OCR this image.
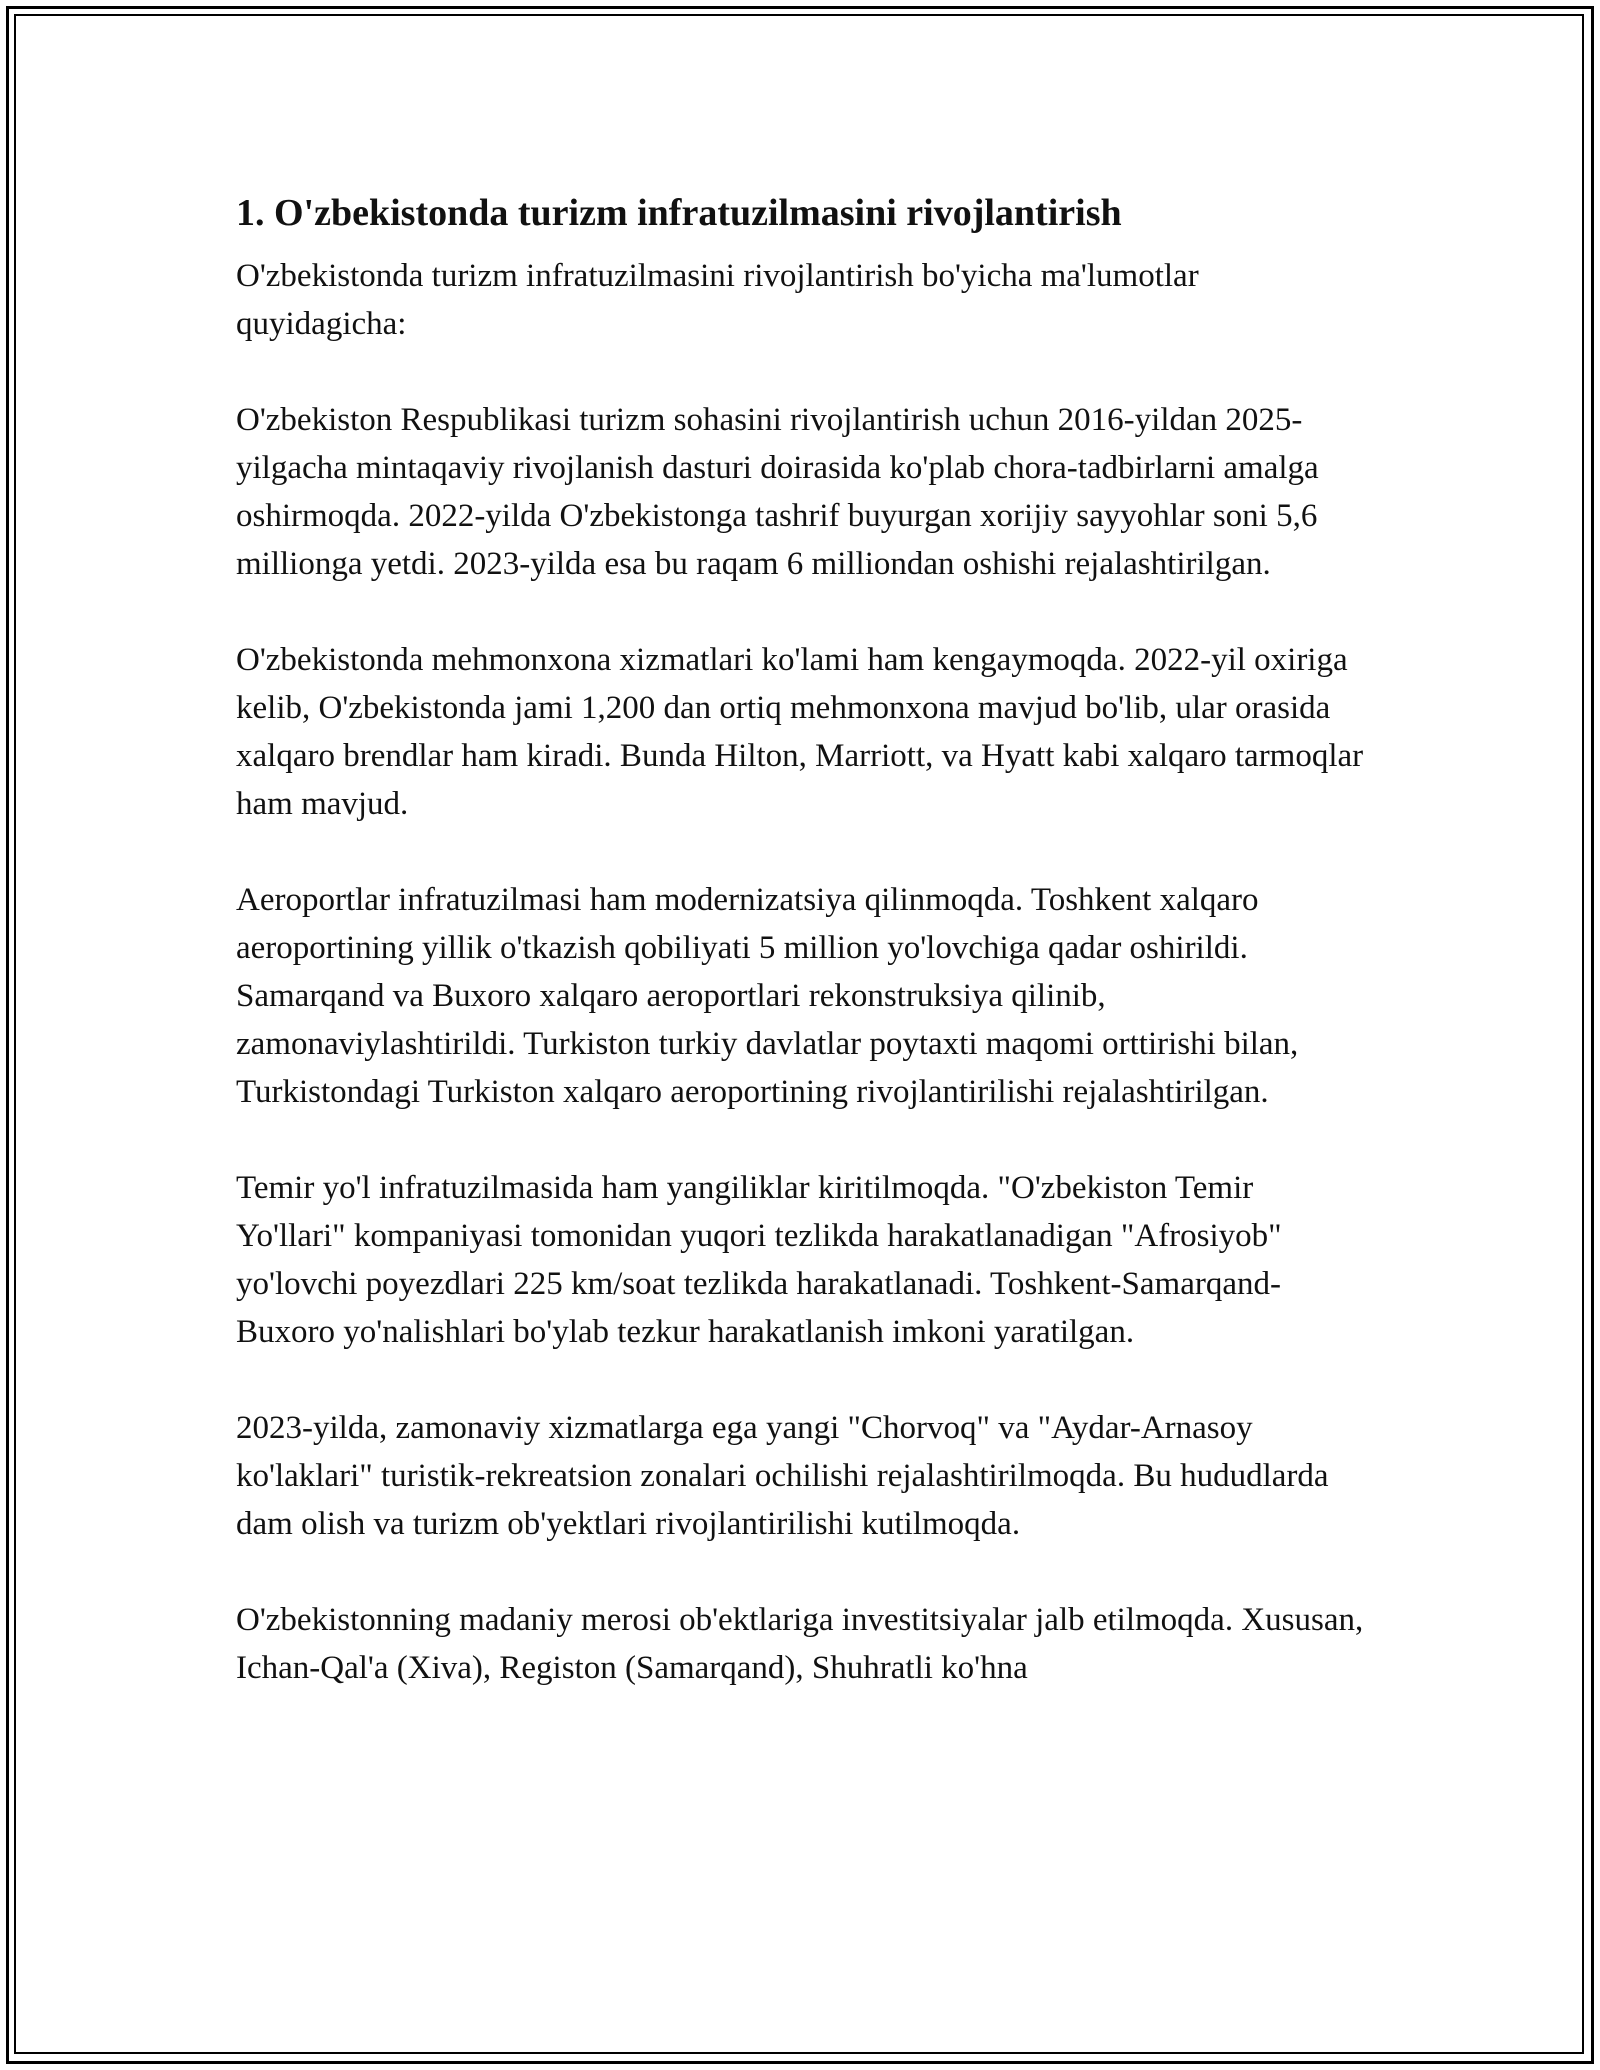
1. O'zbekistonda turizm infratuzilmasini rivojlantirish

O'zbekistonda turizm infratuzilmasini rivojlantirish bo'yicha ma'lumotlar quyidagicha:

O'zbekiston Respublikasi turizm sohasini rivojlantirish uchun 2016-yildan 2025-yilgacha mintaqaviy rivojlanish dasturi doirasida ko'plab chora-tadbirlarni amalga oshirmoqda. 2022-yilda O'zbekistonga tashrif buyurgan xorijiy sayyohlar soni 5,6 millionga yetdi. 2023-yilda esa bu raqam 6 milliondan oshishi rejalashtirilgan.

O'zbekistonda mehmonxona xizmatlari ko'lami ham kengaymoqda. 2022-yil oxiriga kelib, O'zbekistonda jami 1,200 dan ortiq mehmonxona mavjud bo'lib, ular orasida xalqaro brendlar ham kiradi. Bunda Hilton, Marriott, va Hyatt kabi xalqaro tarmoqlar ham mavjud.

Aeroportlar infratuzilmasi ham modernizatsiya qilinmoqda. Toshkent xalqaro aeroportining yillik o'tkazish qobiliyati 5 million yo'lovchiga qadar oshirildi. Samarqand va Buxoro xalqaro aeroportlari rekonstruksiya qilinib, zamonaviylashtirildi. Turkiston turkiy davlatlar poytaxti maqomi orttirishi bilan, Turkistondagi Turkiston xalqaro aeroportining rivojlantirilishi rejalashtirilgan.

Temir yo'l infratuzilmasida ham yangiliklar kiritilmoqda. "O'zbekiston Temir Yo'llari" kompaniyasi tomonidan yuqori tezlikda harakatlanadigan "Afrosiyob" yo'lovchi poyezdlari 225 km/soat tezlikda harakatlanadi. Toshkent-Samarqand-Buxoro yo'nalishlari bo'ylab tezkur harakatlanish imkoni yaratilgan.

2023-yilda, zamonaviy xizmatlarga ega yangi "Chorvoq" va "Aydar-Arnasoy ko'laklari" turistik-rekreatsion zonalari ochilishi rejalashtirilmoqda. Bu hududlarda dam olish va turizm ob'yektlari rivojlantirilishi kutilmoqda.

O'zbekistonning madaniy merosi ob'ektlariga investitsiyalar jalb etilmoqda. Xususan, Ichan-Qal'a (Xiva), Registon (Samarqand), Shuhratli ko'hna
